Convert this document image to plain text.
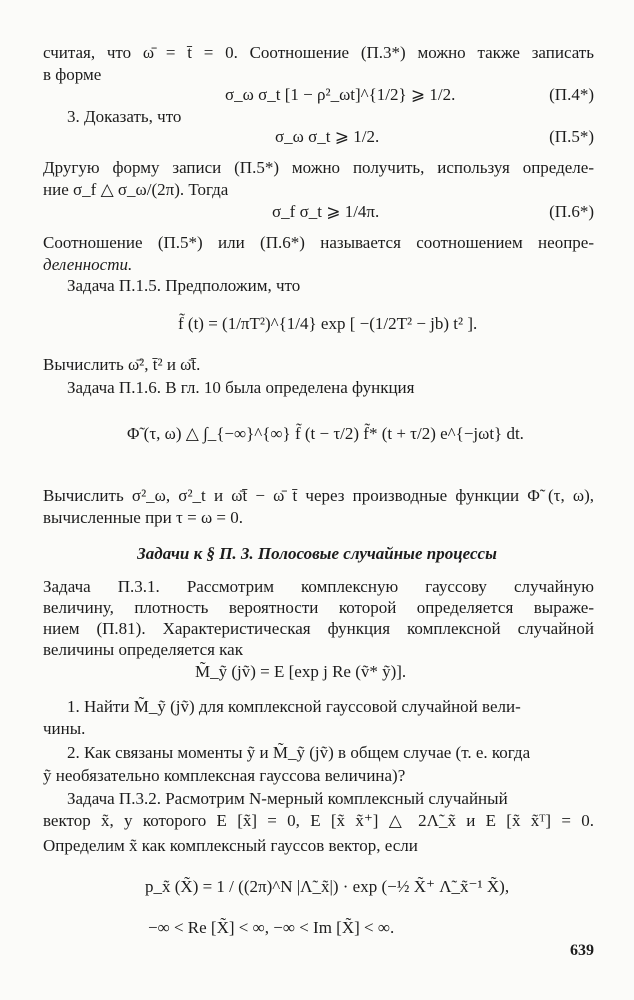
считая, что ω̄ = t̄ = 0. Соотношение (П.3*) можно также записать
в форме
σ_ω σ_t [1 − ρ²_ωt]^{1/2} ⩾ 1/2.	(П.4*)
3. Доказать, что
σ_ω σ_t ⩾ 1/2.	(П.5*)
Другую форму записи (П.5*) можно получить, используя определе-
ние σ_f △ σ_ω/(2π). Тогда
σ_f σ_t ⩾ 1/4π.	(П.6*)
Соотношение (П.5*) или (П.6*) называется соотношением неопре-
деленности.
Задача П.1.5. Предположим, что
f̃ (t) = (1/πT²)^{1/4} exp [ −(1/2T² − jb) t² ].
Вычислить ω̄², t̄² и ω̄t̄.
Задача П.1.6. В гл. 10 была определена функция
Φ̃ (τ, ω) △ ∫_{−∞}^{∞} f̃ (t − τ/2) f̃* (t + τ/2) e^{−jωt} dt.
Вычислить σ²_ω, σ²_t и ω̄t̄ − ω̄ t̄ через производные функции Φ̃ (τ, ω),
вычисленные при τ = ω = 0.
Задачи к § П. 3. Полосовые случайные процессы
Задача П.3.1. Рассмотрим комплексную гауссову случайную
величину, плотность вероятности которой определяется выраже-
нием (П.81). Характеристическая функция комплексной случайной
величины определяется как
M̃_ỹ (jṽ) = E [exp j Re (ṽ* ỹ)].
1. Найти M̃_ỹ (jṽ) для комплексной гауссовой случайной вели-
чины.
2. Как связаны моменты ỹ и M̃_ỹ (jṽ) в общем случае (т. е. когда
ỹ необязательно комплексная гауссова величина)?
Задача П.3.2. Расмотрим N-мерный комплексный случайный
вектор x̃, у которого E [x̃] = 0, E [x̃ x̃⁺] △ 2Λ̃_x̃ и E [x̃ x̃ᵀ] = 0.
Определим x̃ как комплексный гауссов вектор, если
p_x̃ (X̃) = 1 / ((2π)^N |Λ̃_x̃|) · exp (−½ X̃⁺ Λ̃_x̃⁻¹ X̃),
−∞ < Re [X̃] < ∞, −∞ < Im [X̃] < ∞.
639
